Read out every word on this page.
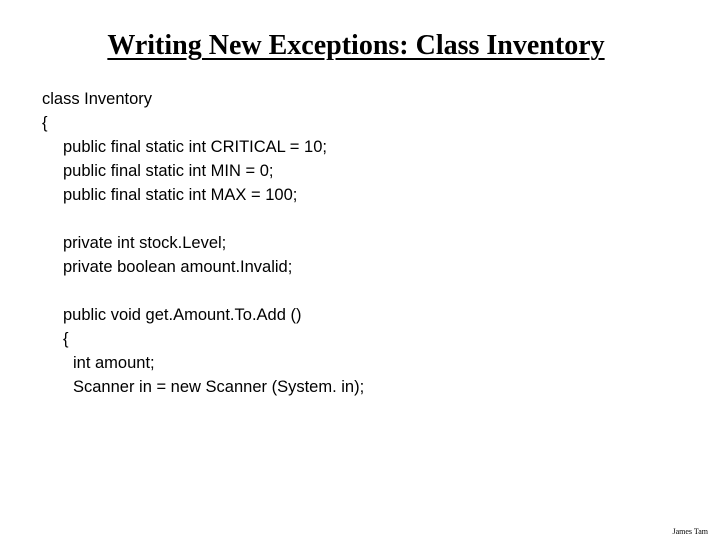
Writing New Exceptions: Class Inventory
class Inventory
{
public final static int CRITICAL = 10;
public final static int MIN = 0;
public final static int MAX = 100;
private int stock.Level;
private boolean amount.Invalid;
public void get.Amount.To.Add ()
{
int amount;
Scanner in = new Scanner (System. in);
James Tam
